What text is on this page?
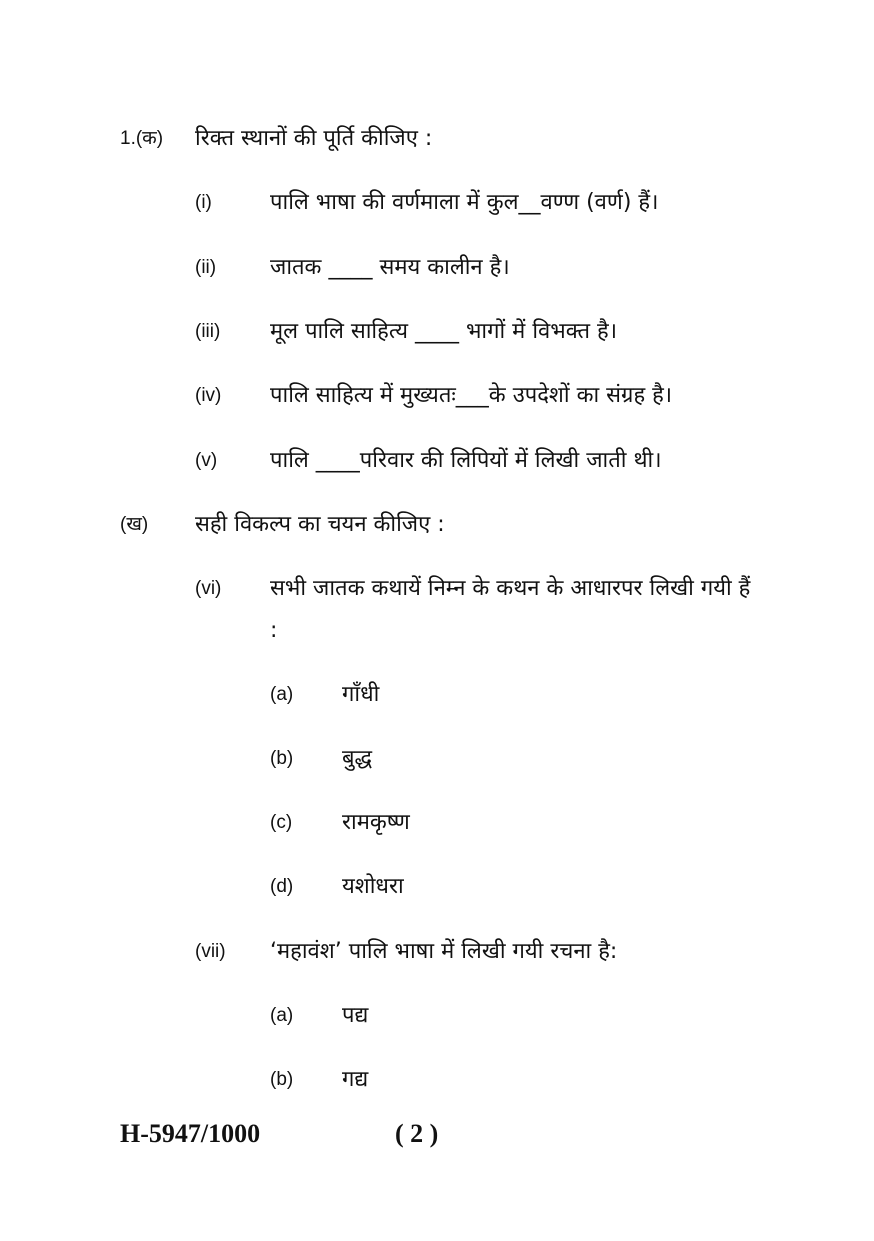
1.(क) रिक्त स्थानों की पूर्ति कीजिए :
(i)	पालि भाषा की वर्णमाला में कुल__वण्ण (वर्ण) हैं।
(ii) जातक ____ समय कालीन है।
(iii) मूल पालि साहित्य ____ भागों में विभक्त है।
(iv) पालि साहित्य में मुख्यतः___के उपदेशों का संग्रह है।
(v) पालि ____परिवार की लिपियों में लिखी जाती थी।
(ख) सही विकल्प का चयन कीजिए :
(vi) सभी जातक कथायें निम्न के कथन के आधारपर लिखी गयी हैं :
(a) गाँधी
(b) बुद्ध
(c) रामकृष्ण
(d) यशोधरा
(vii) ‘महावंश’ पालि भाषा में लिखी गयी रचना है:
(a) पद्य
(b) गद्य
H-5947/1000	( 2 )
